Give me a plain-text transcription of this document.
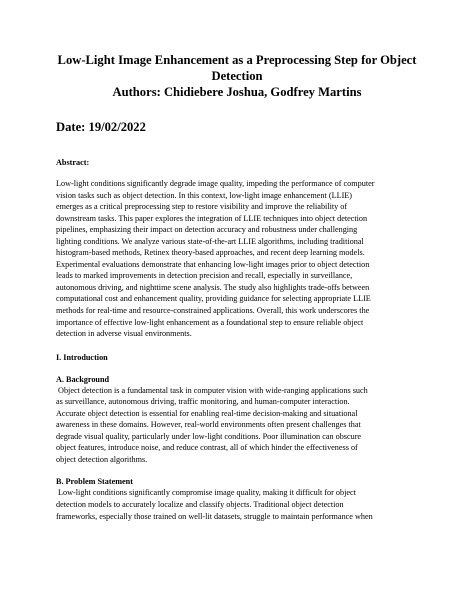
Low-Light Image Enhancement as a Preprocessing Step for Object
Detection

Authors: Chidiebere Joshua, Godfrey Martins

Date: 19/02/2022

Abstract:

Low-light conditions significantly degrade image quality, impeding the performance of computer
vision tasks such as object detection. In this context, low-light image enhancement (LLIE)
emerges as a critical preprocessing step to restore visibility and improve the reliability of
downstream tasks. This paper explores the integration of LLIE techniques into object detection
pipelines, emphasizing their impact on detection accuracy and robustness under challenging
lighting conditions. We analyze various state-of-the-art LLIE algorithms, including traditional
histogram-based methods, Retinex theory-based approaches, and recent deep learning models.
Experimental evaluations demonstrate that enhancing low-light images prior to object detection
leads to marked improvements in detection precision and recall, especially in surveillance,
autonomous driving, and nighttime scene analysis. The study also highlights trade-offs between
computational cost and enhancement quality, providing guidance for selecting appropriate LLIE
methods for real-time and resource-constrained applications. Overall, this work underscores the
importance of effective low-light enhancement as a foundational step to ensure reliable object
detection in adverse visual environments.

I. Introduction

A. Background

Object detection is a fundamental task in computer vision with wide-ranging applications such
as surveillance, autonomous driving, traffic monitoring, and human-computer interaction.
Accurate object detection is essential for enabling real-time decision-making and situational
awareness in these domains. However, real-world environments often present challenges that
degrade visual quality, particularly under low-light conditions. Poor illumination can obscure
object features, introduce noise, and reduce contrast, all of which hinder the effectiveness of
object detection algorithms.

B. Problem Statement

Low-light conditions significantly compromise image quality, making it difficult for object
detection models to accurately localize and classify objects. Traditional object detection
frameworks, especially those trained on well-lit datasets, struggle to maintain performance when
